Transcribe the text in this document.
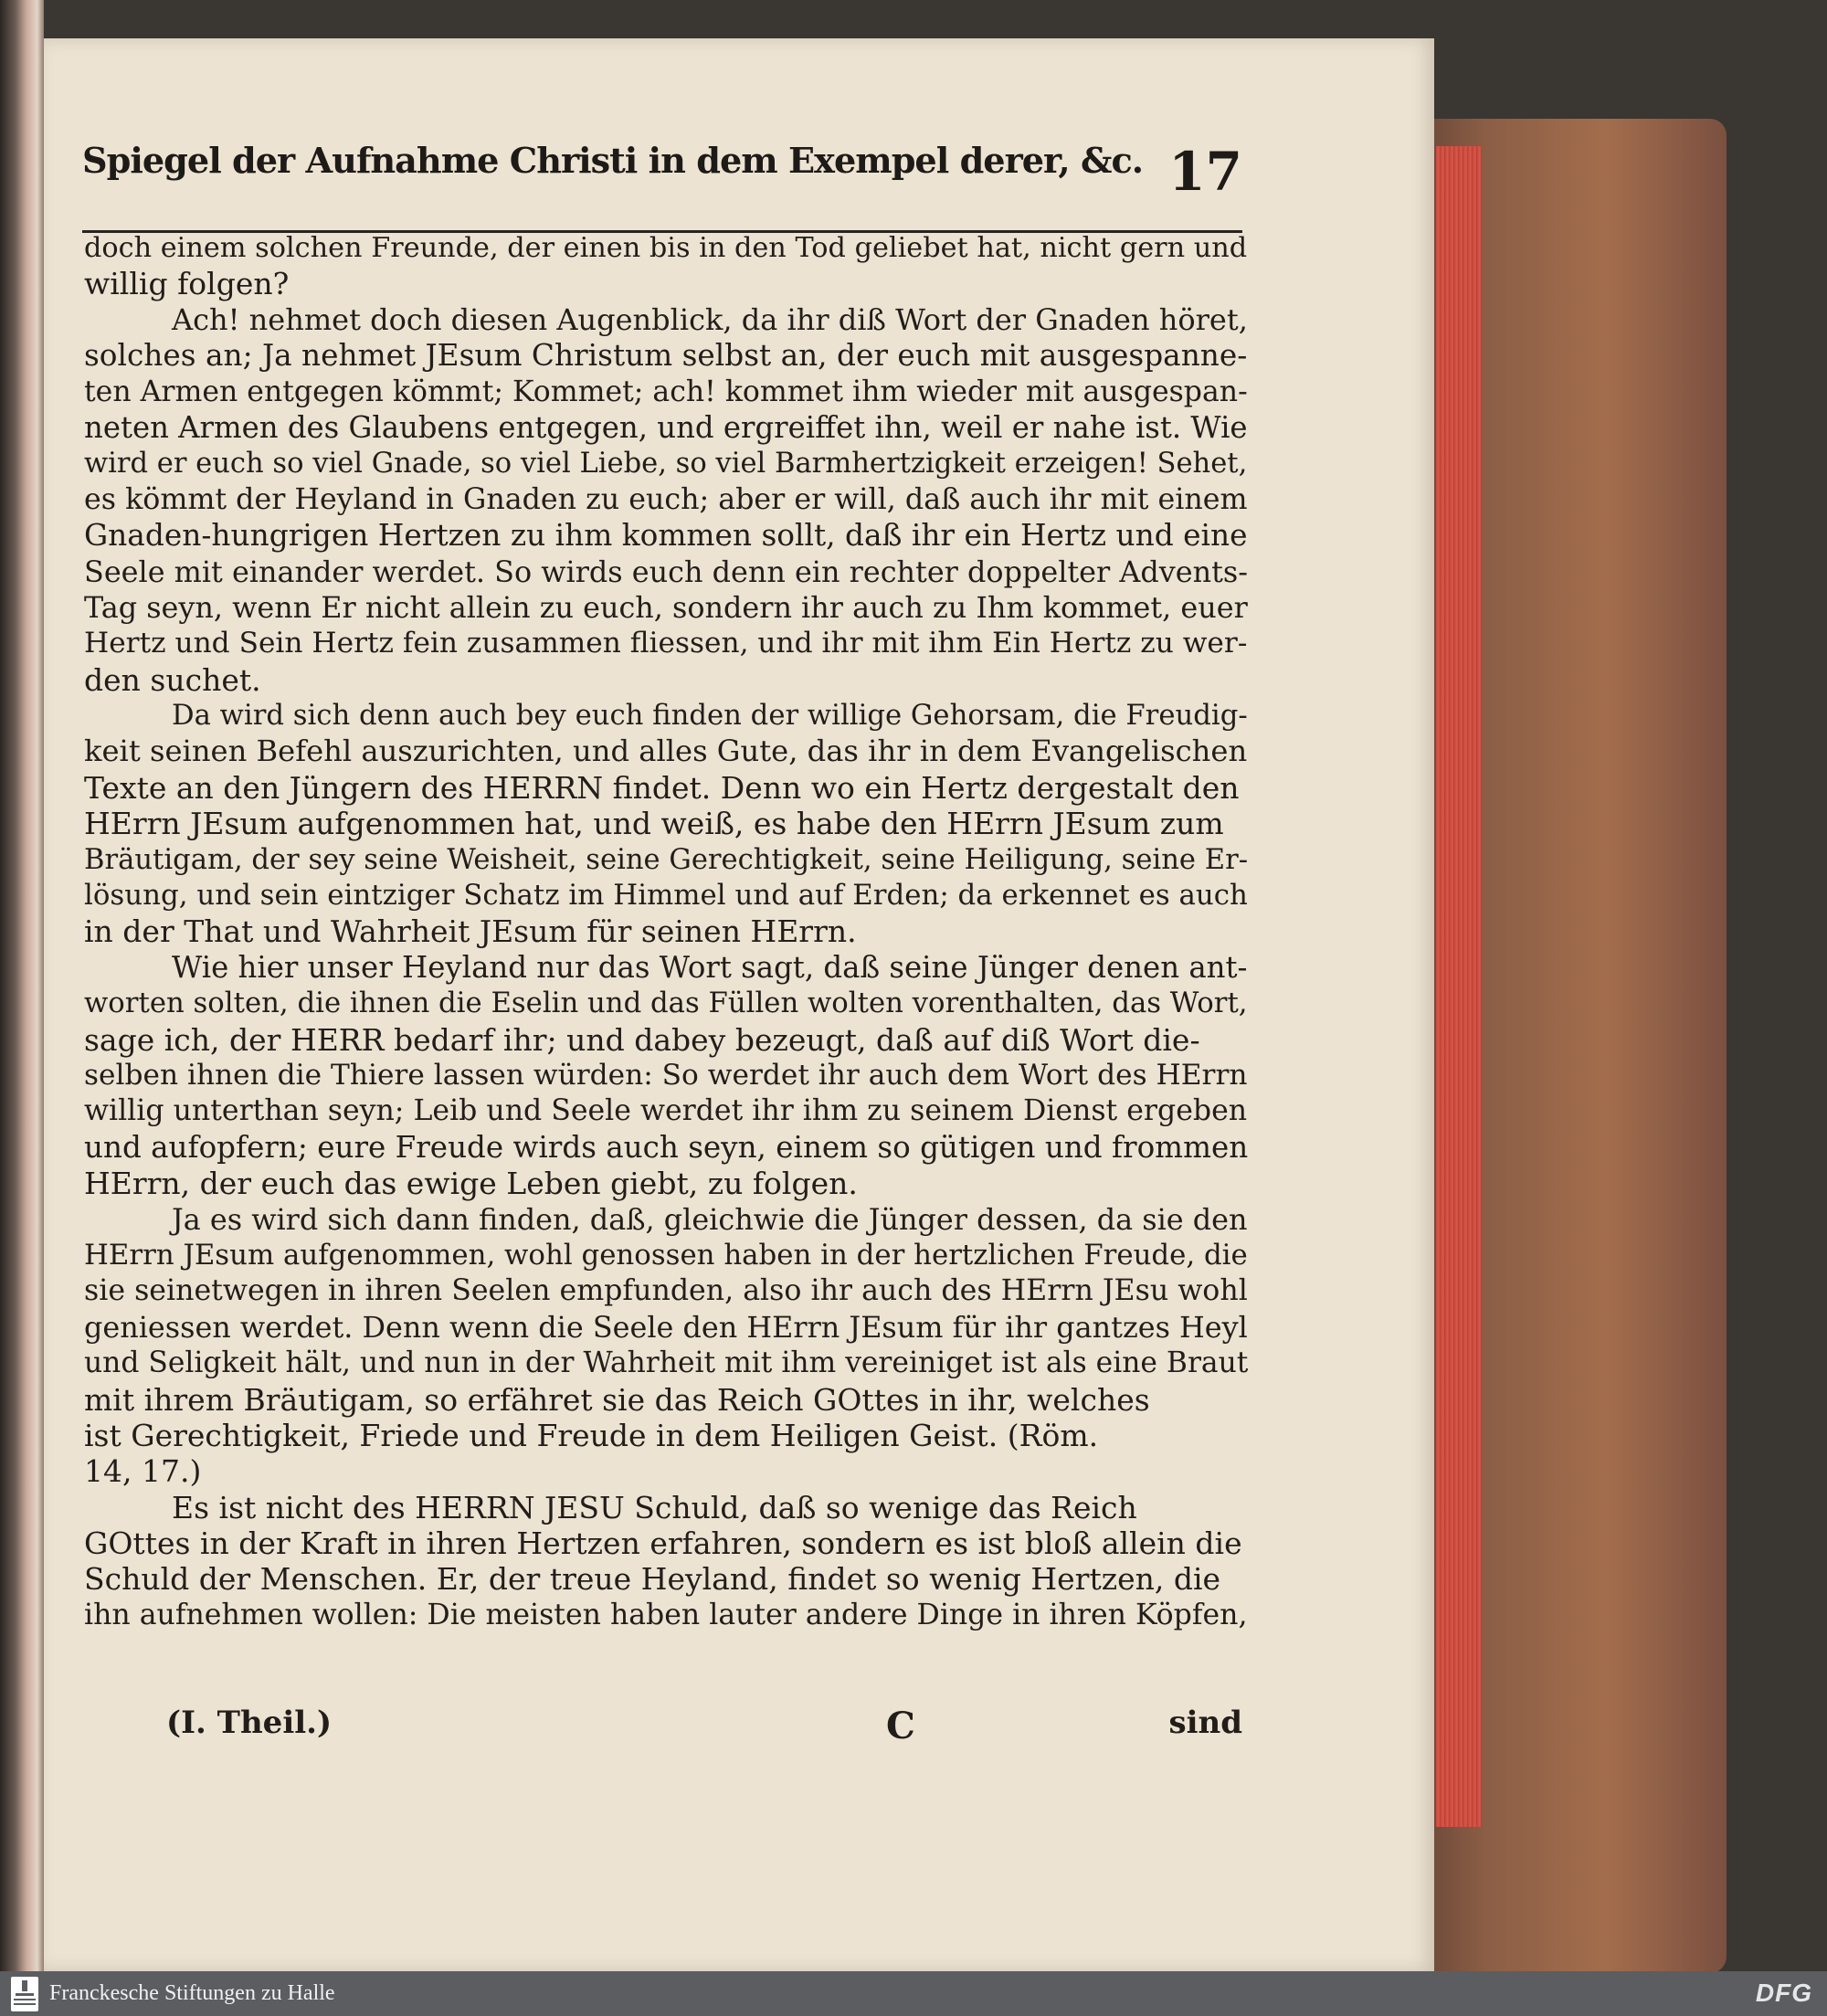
Spiegel der Aufnahme Christi in dem Exempel derer, &c. 17
doch einem solchen Freunde, der einen bis in den Tod geliebet hat, nicht gern und
willig folgen?
Ach! nehmet doch diesen Augenblick, da ihr diß Wort der Gnaden höret,
solches an; Ja nehmet JEsum Christum selbst an, der euch mit ausgespanne-
ten Armen entgegen kömmt; Kommet; ach! kommet ihm wieder mit ausgespan-
neten Armen des Glaubens entgegen, und ergreiffet ihn, weil er nahe ist. Wie
wird er euch so viel Gnade, so viel Liebe, so viel Barmhertzigkeit erzeigen! Sehet,
es kömmt der Heyland in Gnaden zu euch; aber er will, daß auch ihr mit einem
Gnaden-hungrigen Hertzen zu ihm kommen sollt, daß ihr ein Hertz und eine
Seele mit einander werdet. So wirds euch denn ein rechter doppelter Advents-
Tag seyn, wenn Er nicht allein zu euch, sondern ihr auch zu Ihm kommet, euer
Hertz und Sein Hertz fein zusammen fliessen, und ihr mit ihm Ein Hertz zu wer-
den suchet.
Da wird sich denn auch bey euch finden der willige Gehorsam, die Freudig-
keit seinen Befehl auszurichten, und alles Gute, das ihr in dem Evangelischen
Texte an den Jüngern des HERRN findet. Denn wo ein Hertz dergestalt den
HErrn JEsum aufgenommen hat, und weiß, es habe den HErrn JEsum zum
Bräutigam, der sey seine Weisheit, seine Gerechtigkeit, seine Heiligung, seine Er-
lösung, und sein eintziger Schatz im Himmel und auf Erden; da erkennet es auch
in der That und Wahrheit JEsum für seinen HErrn.
Wie hier unser Heyland nur das Wort sagt, daß seine Jünger denen ant-
worten solten, die ihnen die Eselin und das Füllen wolten vorenthalten, das Wort,
sage ich, der HERR bedarf ihr; und dabey bezeugt, daß auf diß Wort die-
selben ihnen die Thiere lassen würden: So werdet ihr auch dem Wort des HErrn
willig unterthan seyn; Leib und Seele werdet ihr ihm zu seinem Dienst ergeben
und aufopfern; eure Freude wirds auch seyn, einem so gütigen und frommen
HErrn, der euch das ewige Leben giebt, zu folgen.
Ja es wird sich dann finden, daß, gleichwie die Jünger dessen, da sie den
HErrn JEsum aufgenommen, wohl genossen haben in der hertzlichen Freude, die
sie seinetwegen in ihren Seelen empfunden, also ihr auch des HErrn JEsu wohl
geniessen werdet. Denn wenn die Seele den HErrn JEsum für ihr gantzes Heyl
und Seligkeit hält, und nun in der Wahrheit mit ihm vereiniget ist als eine Braut
mit ihrem Bräutigam, so erfähret sie das Reich GOttes in ihr, welches
ist Gerechtigkeit, Friede und Freude in dem Heiligen Geist. (Röm.
14, 17.)
Es ist nicht des HERRN JESU Schuld, daß so wenige das Reich
GOttes in der Kraft in ihren Hertzen erfahren, sondern es ist bloß allein die
Schuld der Menschen. Er, der treue Heyland, findet so wenig Hertzen, die
ihn aufnehmen wollen: Die meisten haben lauter andere Dinge in ihren Köpfen,
(I. Theil.)	C	sind
Franckesche Stiftungen zu Halle	DFG
